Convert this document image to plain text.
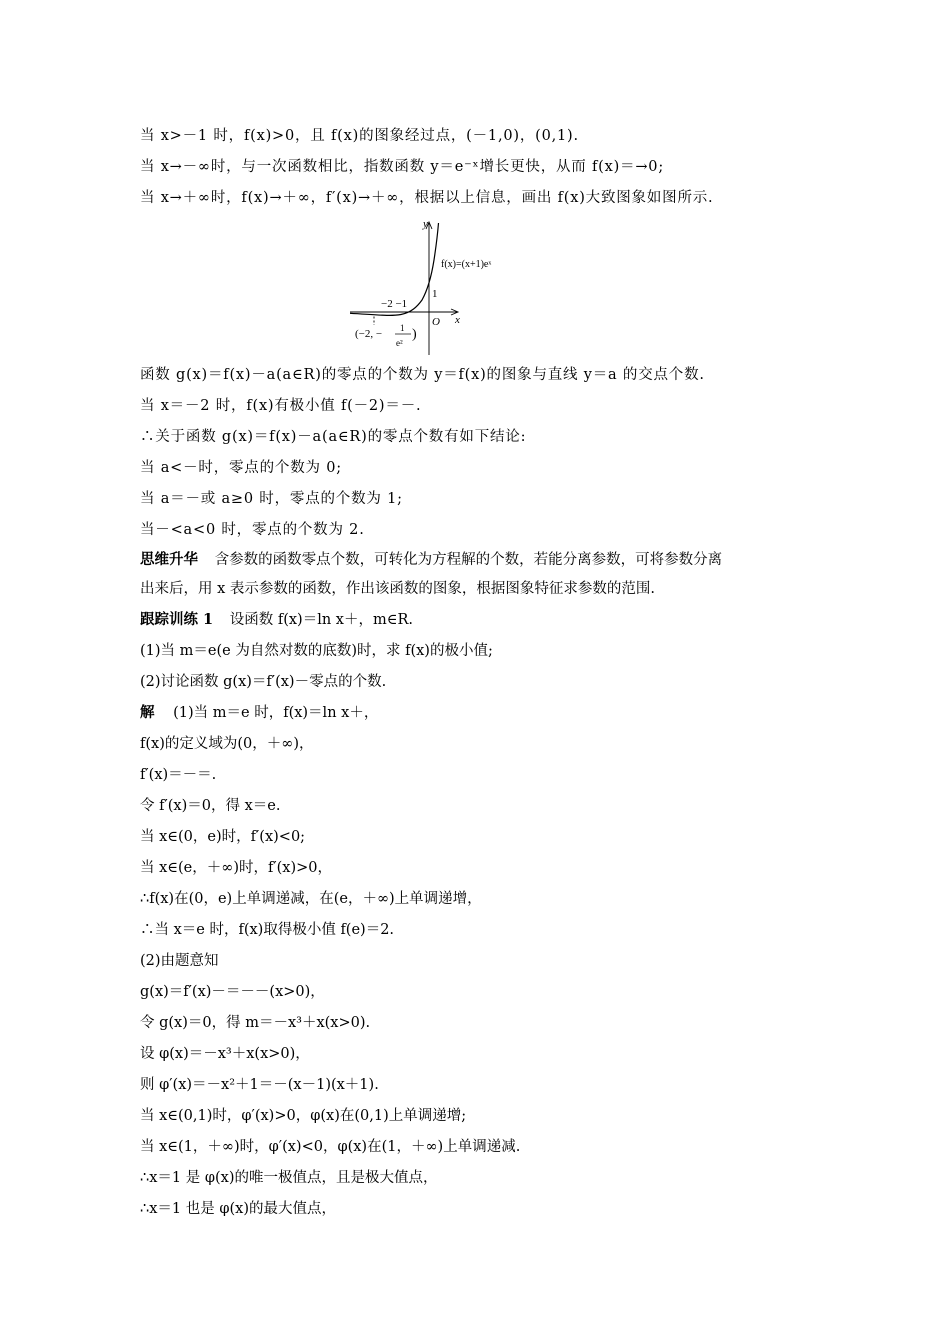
当 x>－1 时，f(x)>0，且 f(x)的图象经过点，(－1,0)，(0,1).
当 x→－∞时，与一次函数相比，指数函数 y＝e⁻ˣ增长更快，从而 f(x)＝→0;
当 x→＋∞时，f(x)→＋∞，f′(x)→＋∞，根据以上信息，画出 f(x)大致图象如图所示.
y
x
O
f(x)=(x+1)eˣ
−2 −1
1
(−2, − 1
e²
)
函数 g(x)＝f(x)－a(a∈R)的零点的个数为 y＝f(x)的图象与直线 y＝a 的交点个数.
当 x＝－2 时，f(x)有极小值 f(－2)＝－.
∴关于函数 g(x)＝f(x)－a(a∈R)的零点个数有如下结论:
当 a<－时，零点的个数为 0;
当 a＝－或 a≥0 时，零点的个数为 1;
当－<a<0 时，零点的个数为 2.
思维升华 含参数的函数零点个数，可转化为方程解的个数，若能分离参数，可将参数分离
出来后，用 x 表示参数的函数，作出该函数的图象，根据图象特征求参数的范围.
跟踪训练 1 设函数 f(x)＝ln x＋，m∈R.
(1)当 m＝e(e 为自然对数的底数)时，求 f(x)的极小值;
(2)讨论函数 g(x)＝f′(x)－零点的个数.
解 (1)当 m＝e 时，f(x)＝ln x＋，
f(x)的定义域为(0，＋∞)，
f′(x)＝－＝.
令 f′(x)＝0，得 x＝e.
当 x∈(0，e)时，f′(x)<0;
当 x∈(e，＋∞)时，f′(x)>0，
∴f(x)在(0，e)上单调递减，在(e，＋∞)上单调递增，
∴当 x＝e 时，f(x)取得极小值 f(e)＝2.
(2)由题意知
g(x)＝f′(x)－＝－－(x>0)，
令 g(x)＝0，得 m＝－x³＋x(x>0).
设 φ(x)＝－x³＋x(x>0)，
则 φ′(x)＝－x²＋1＝－(x－1)(x＋1).
当 x∈(0,1)时，φ′(x)>0，φ(x)在(0,1)上单调递增;
当 x∈(1，＋∞)时，φ′(x)<0，φ(x)在(1，＋∞)上单调递减.
∴x＝1 是 φ(x)的唯一极值点，且是极大值点，
∴x＝1 也是 φ(x)的最大值点，
